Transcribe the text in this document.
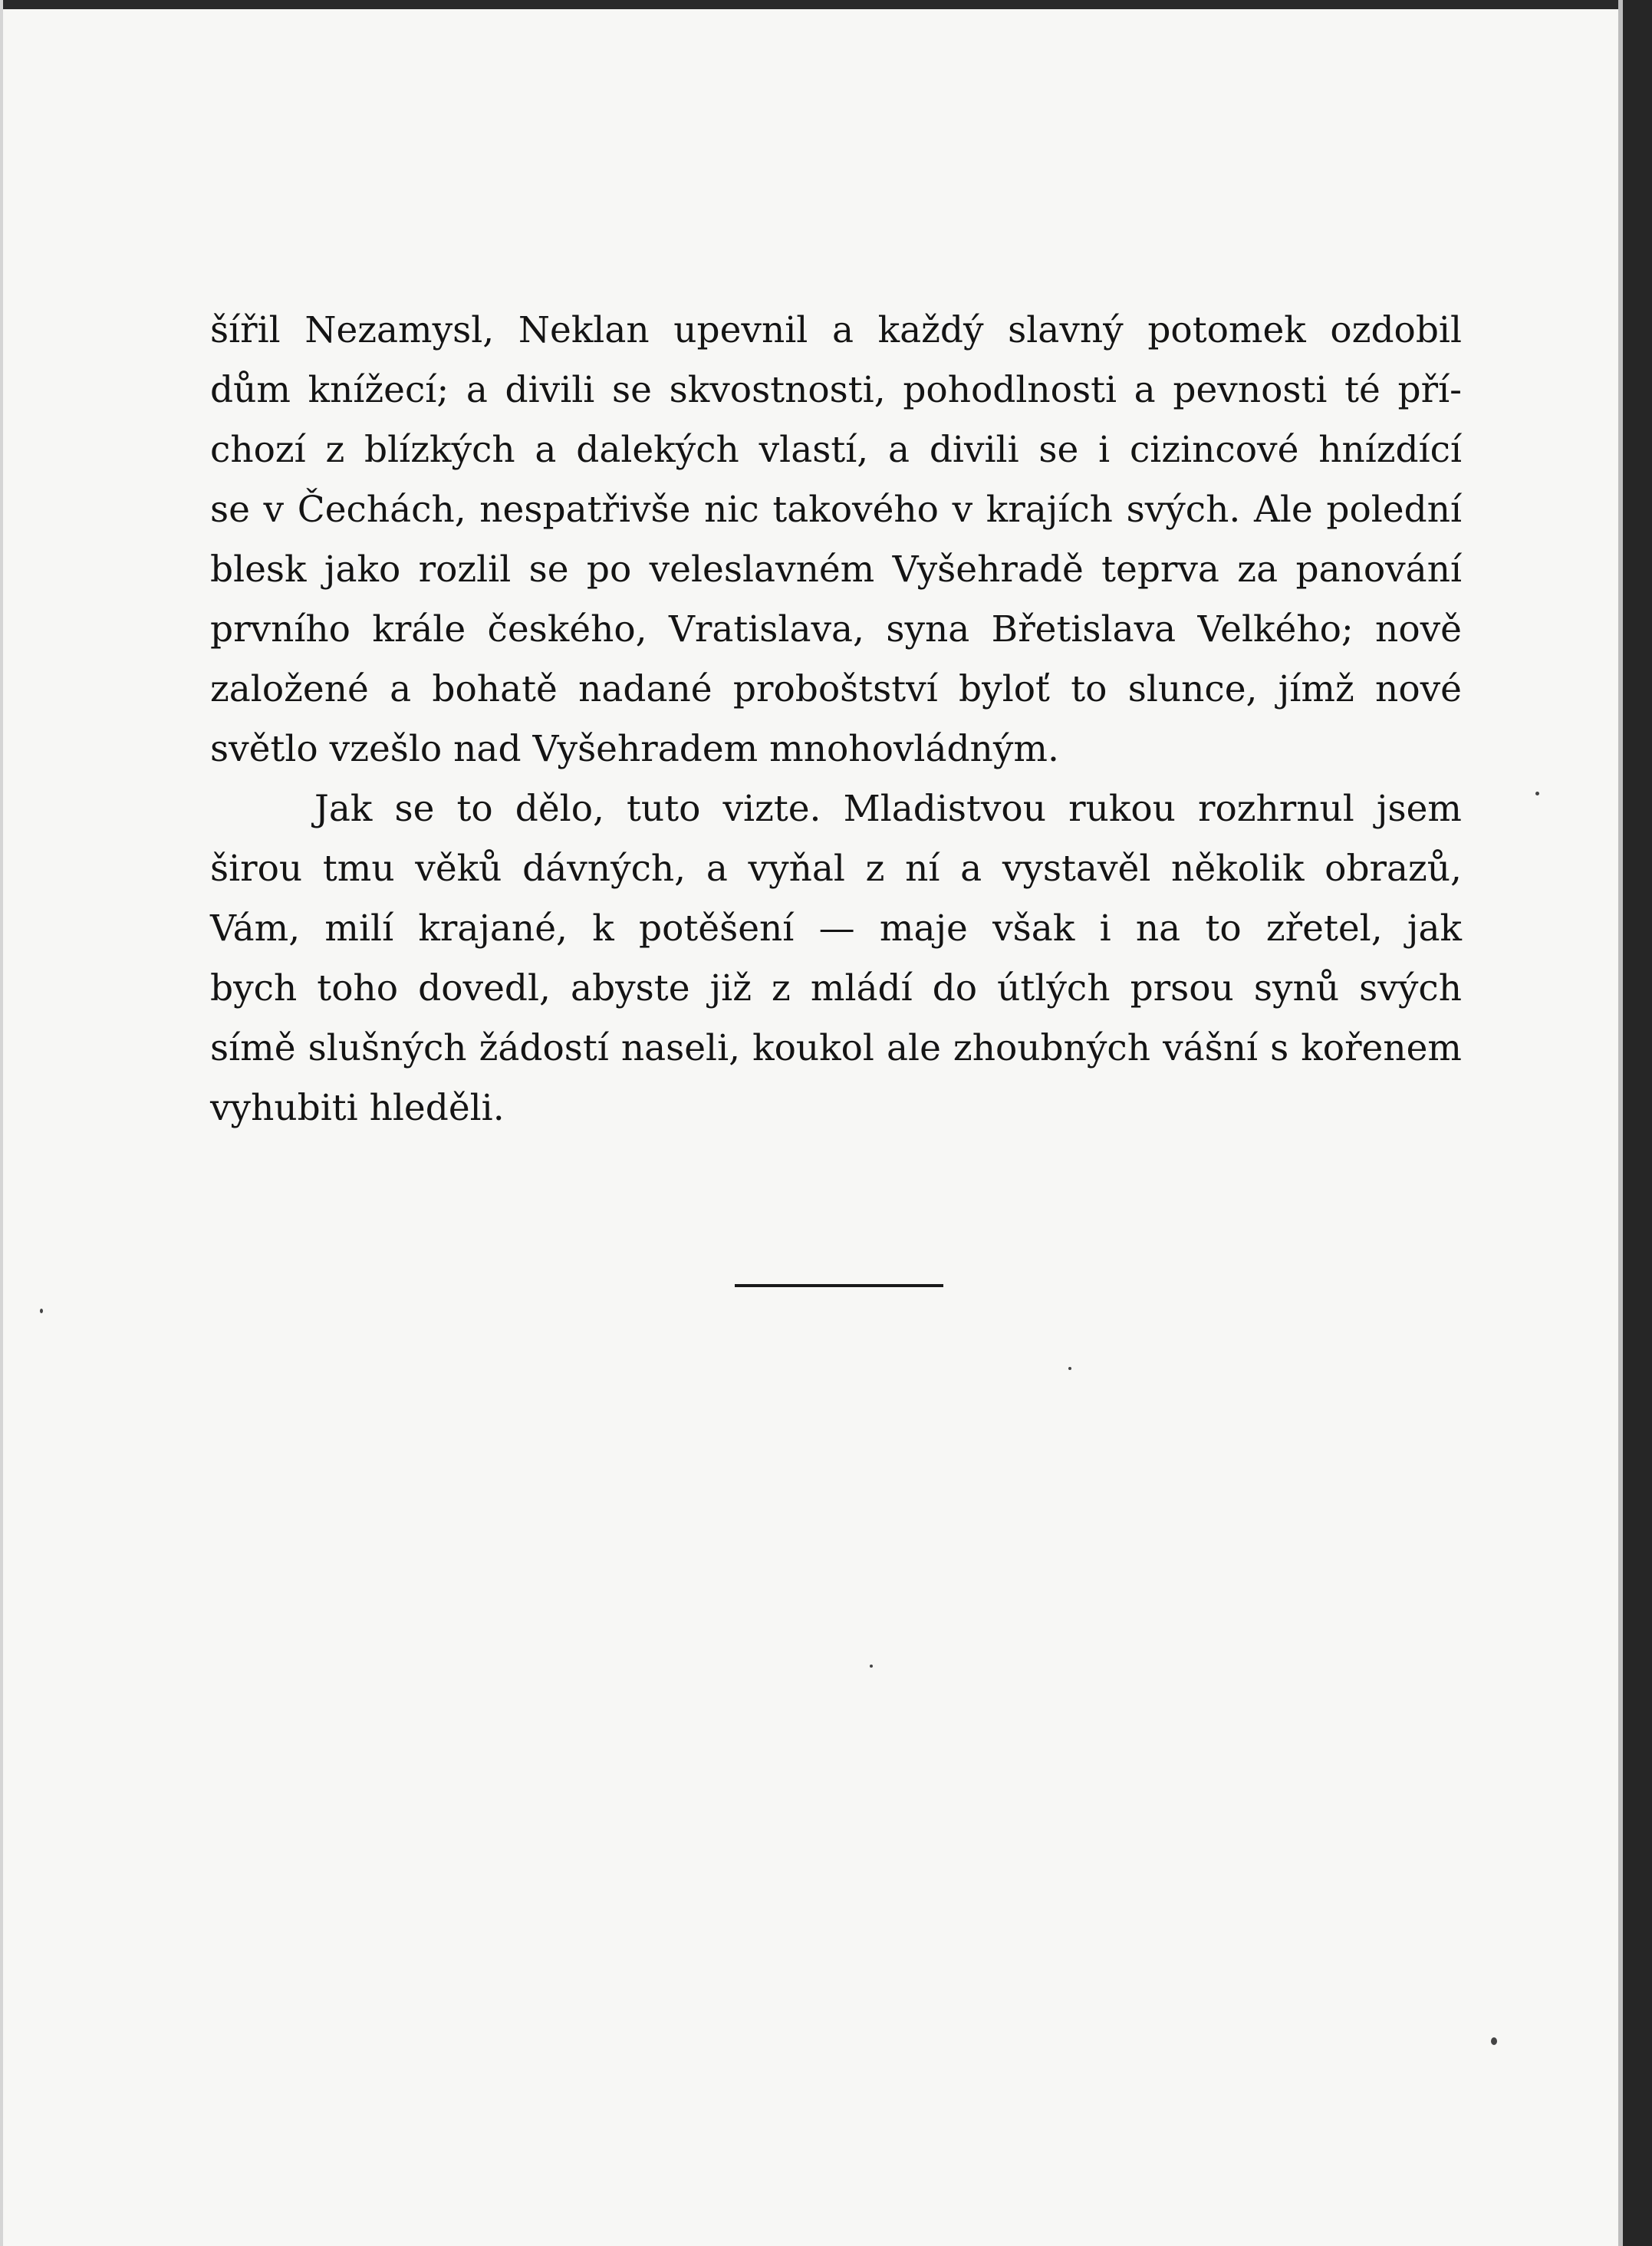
šířil Nezamysl, Neklan upevnil a každý slavný potomek ozdobil
dům knížecí; a divili se skvostnosti, pohodlnosti a pevnosti té pří-
chozí z blízkých a dalekých vlastí, a divili se i cizincové hnízdící
se v Čechách, nespatřivše nic takového v krajích svých. Ale polední
blesk jako rozlil se po veleslavném Vyšehradě teprva za panování
prvního krále českého, Vratislava, syna Břetislava Velkého; nově
založené a bohatě nadané proboštství byloť to slunce, jímž nové
světlo vzešlo nad Vyšehradem mnohovládným.
Jak se to dělo, tuto vizte. Mladistvou rukou rozhrnul jsem
širou tmu věků dávných, a vyňal z ní a vystavěl několik obrazů,
Vám, milí krajané, k potěšení — maje však i na to zřetel, jak
bych toho dovedl, abyste již z mládí do útlých prsou synů svých
símě slušných žádostí naseli, koukol ale zhoubných vášní s kořenem
vyhubiti hleděli.
